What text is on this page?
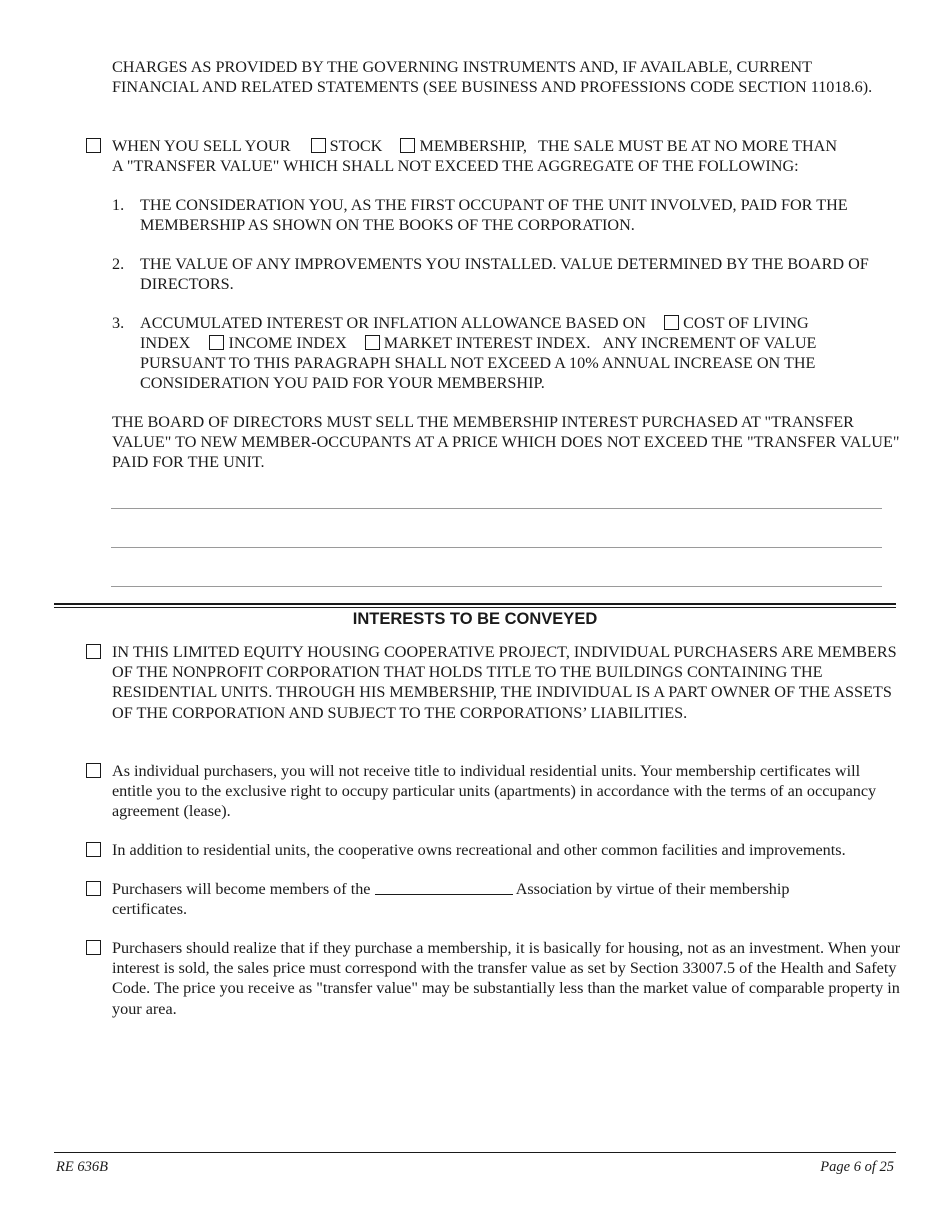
CHARGES AS PROVIDED BY THE GOVERNING INSTRUMENTS AND, IF AVAILABLE, CURRENT FINANCIAL AND RELATED STATEMENTS (SEE BUSINESS AND PROFESSIONS CODE SECTION 11018.6).
WHEN YOU SELL YOUR STOCK MEMBERSHIP, THE SALE MUST BE AT NO MORE THAN
A "TRANSFER VALUE" WHICH SHALL NOT EXCEED THE AGGREGATE OF THE FOLLOWING:
1. THE CONSIDERATION YOU, AS THE FIRST OCCUPANT OF THE UNIT INVOLVED, PAID FOR THE MEMBERSHIP AS SHOWN ON THE BOOKS OF THE CORPORATION.
2. THE VALUE OF ANY IMPROVEMENTS YOU INSTALLED. VALUE DETERMINED BY THE BOARD OF DIRECTORS.
3. ACCUMULATED INTEREST OR INFLATION ALLOWANCE BASED ON COST OF LIVING
INDEX INCOME INDEX MARKET INTEREST INDEX. ANY INCREMENT OF VALUE
PURSUANT TO THIS PARAGRAPH SHALL NOT EXCEED A 10% ANNUAL INCREASE ON THE
CONSIDERATION YOU PAID FOR YOUR MEMBERSHIP.
THE BOARD OF DIRECTORS MUST SELL THE MEMBERSHIP INTEREST PURCHASED AT "TRANSFER VALUE" TO NEW MEMBER-OCCUPANTS AT A PRICE WHICH DOES NOT EXCEED THE "TRANSFER VALUE" PAID FOR THE UNIT.
INTERESTS TO BE CONVEYED
IN THIS LIMITED EQUITY HOUSING COOPERATIVE PROJECT, INDIVIDUAL PURCHASERS ARE MEMBERS OF THE NONPROFIT CORPORATION THAT HOLDS TITLE TO THE BUILDINGS CONTAINING THE RESIDENTIAL UNITS. THROUGH HIS MEMBERSHIP, THE INDIVIDUAL IS A PART OWNER OF THE ASSETS OF THE CORPORATION AND SUBJECT TO THE CORPORATIONS’ LIABILITIES.
As individual purchasers, you will not receive title to individual residential units. Your membership certificates will entitle you to the exclusive right to occupy particular units (apartments) in accordance with the terms of an occupancy agreement (lease).
In addition to residential units, the cooperative owns recreational and other common facilities and improvements.
Purchasers will become members of the	Association by virtue of their membership
certificates.
Purchasers should realize that if they purchase a membership, it is basically for housing, not as an investment. When your interest is sold, the sales price must correspond with the transfer value as set by Section 33007.5 of the Health and Safety Code. The price you receive as "transfer value" may be substantially less than the market value of comparable property in your area.
RE 636B	Page 6 of 25
